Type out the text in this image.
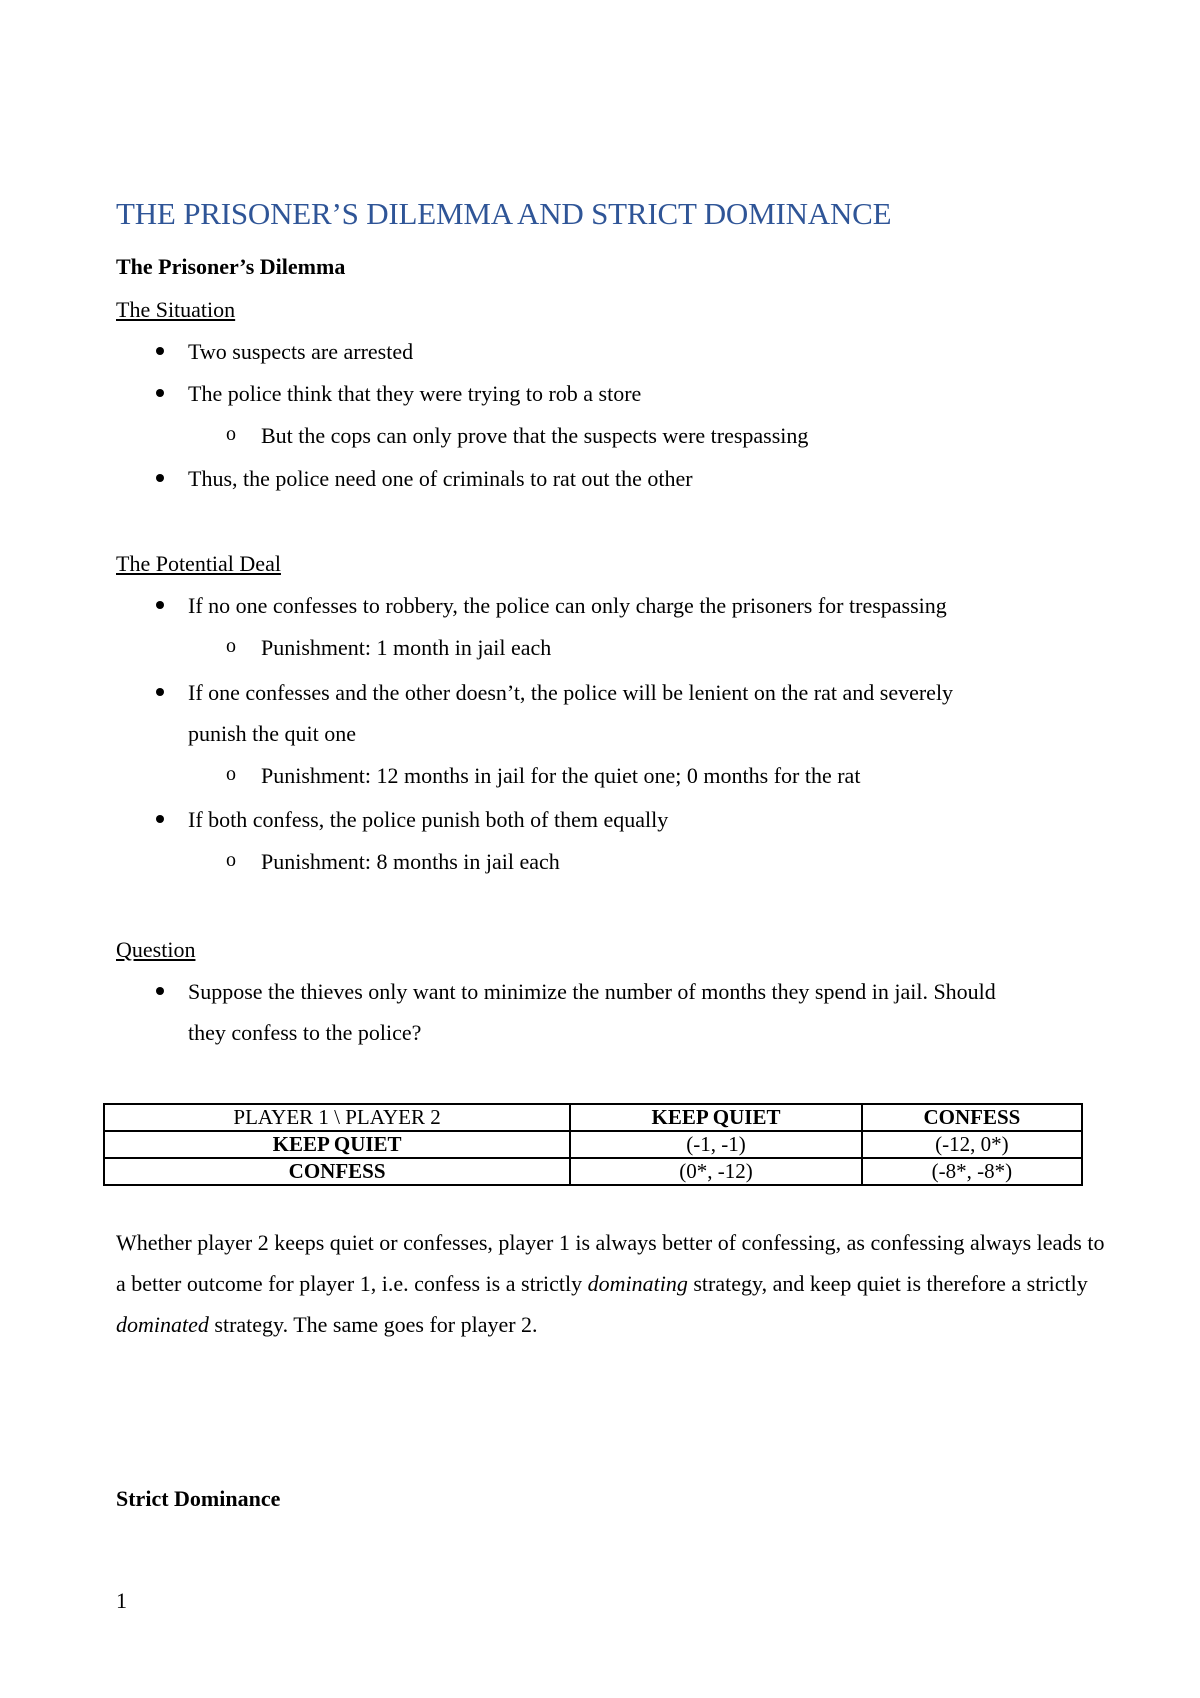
THE PRISONER’S DILEMMA AND STRICT DOMINANCE
The Prisoner’s Dilemma
The Situation
Two suspects are arrested
The police think that they were trying to rob a store
o But the cops can only prove that the suspects were trespassing
Thus, the police need one of criminals to rat out the other
The Potential Deal
If no one confesses to robbery, the police can only charge the prisoners for trespassing
o Punishment: 1 month in jail each
If one confesses and the other doesn’t, the police will be lenient on the rat and severely
punish the quit one
o Punishment: 12 months in jail for the quiet one; 0 months for the rat
If both confess, the police punish both of them equally
o Punishment: 8 months in jail each
Question
Suppose the thieves only want to minimize the number of months they spend in jail. Should
they confess to the police?
PLAYER 1 \ PLAYER 2	KEEP QUIET	CONFESS
KEEP QUIET	(-1, -1)	(-12, 0*)
CONFESS	(0*, -12)	(-8*, -8*)

Whether player 2 keeps quiet or confesses, player 1 is always better of confessing, as confessing always leads to a better outcome for player 1, i.e. confess is a strictly dominating strategy, and keep quiet is therefore a strictly dominated strategy. The same goes for player 2.

Strict Dominance
1
